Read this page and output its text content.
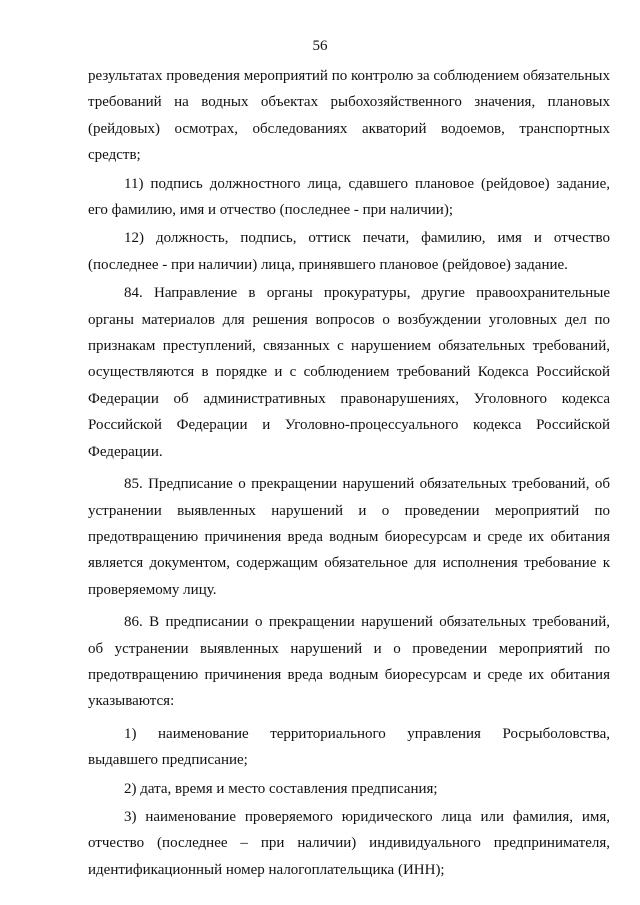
56

результатах проведения мероприятий по контролю за соблюдением обязательных требований на водных объектах рыбохозяйственного значения, плановых (рейдовых) осмотрах, обследованиях акваторий водоемов, транспортных средств;

11) подпись должностного лица, сдавшего плановое (рейдовое) задание, его фамилию, имя и отчество (последнее - при наличии);

12) должность, подпись, оттиск печати, фамилию, имя и отчество (последнее - при наличии) лица, принявшего плановое (рейдовое) задание.

84. Направление в органы прокуратуры, другие правоохранительные органы материалов для решения вопросов о возбуждении уголовных дел по признакам преступлений, связанных с нарушением обязательных требований, осуществляются в порядке и с соблюдением требований Кодекса Российской Федерации об административных правонарушениях, Уголовного кодекса Российской Федерации и Уголовно-процессуального кодекса Российской Федерации.

85. Предписание о прекращении нарушений обязательных требований, об устранении выявленных нарушений и о проведении мероприятий по предотвращению причинения вреда водным биоресурсам и среде их обитания является документом, содержащим обязательное для исполнения требование к проверяемому лицу.

86. В предписании о прекращении нарушений обязательных требований, об устранении выявленных нарушений и о проведении мероприятий по предотвращению причинения вреда водным биоресурсам и среде их обитания указываются:

1) наименование территориального управления Росрыболовства, выдавшего предписание;

2) дата, время и место составления предписания;

3) наименование проверяемого юридического лица или фамилия, имя, отчество (последнее – при наличии) индивидуального предпринимателя, идентификационный номер налогоплательщика (ИНН);
